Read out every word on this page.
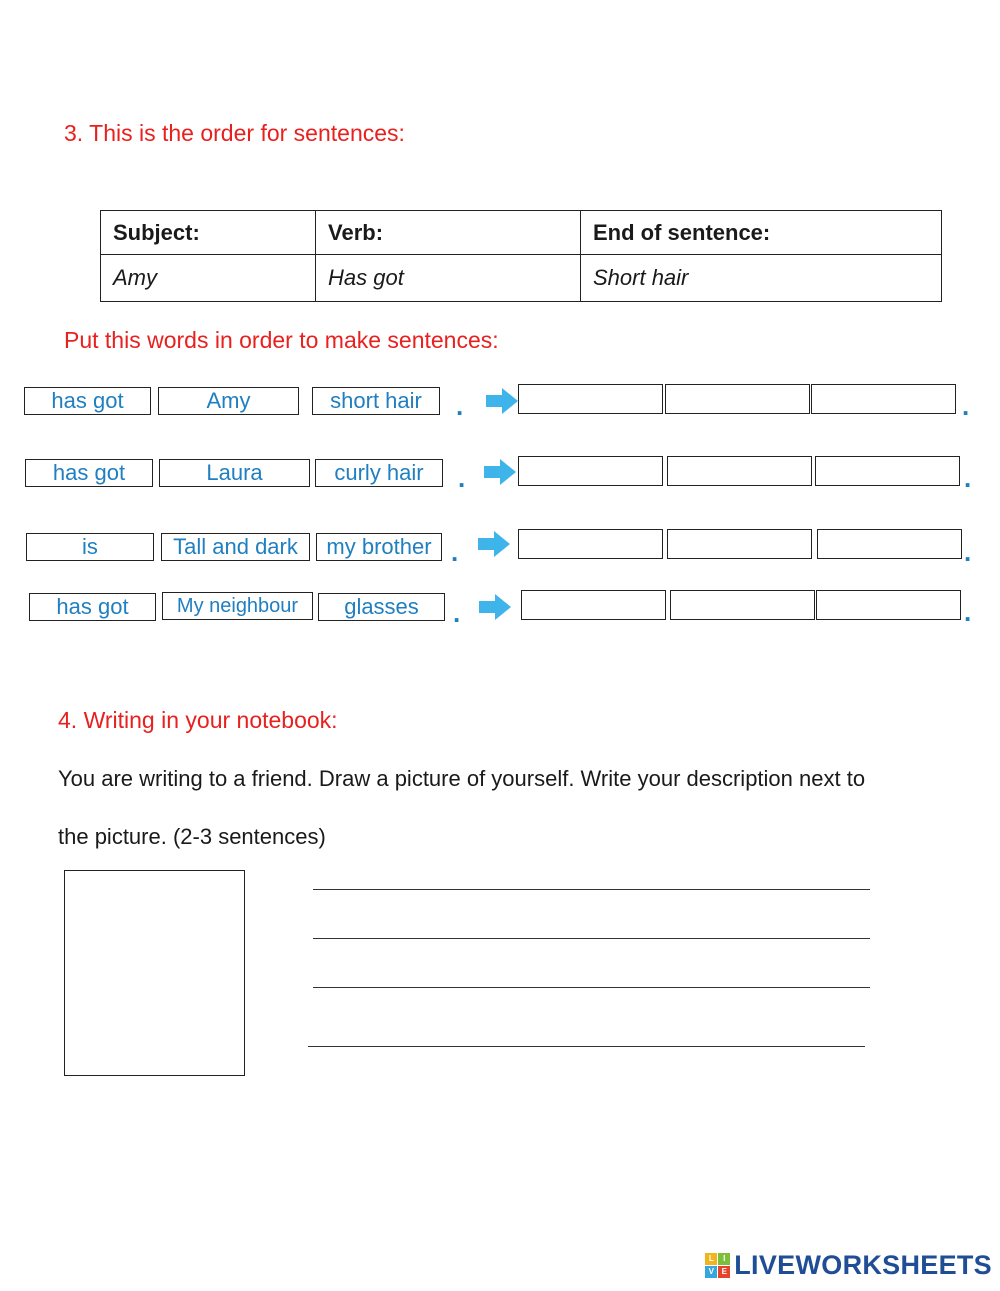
3. This is the order for sentences:
Subject:	Verb:	End of sentence:
Amy	Has got	Short hair
Put this words in order to make sentences:
has got	Amy	short hair	.	.
has got	Laura	curly hair	.	.
is	Tall and dark	my brother .	.
has got	My neighbour	glasses	.	.
4. Writing in your notebook:
You are writing to a friend. Draw a picture of yourself. Write your description next to
the picture. (2-3 sentences)
L	I
V E LIVEWORKSHEETS
